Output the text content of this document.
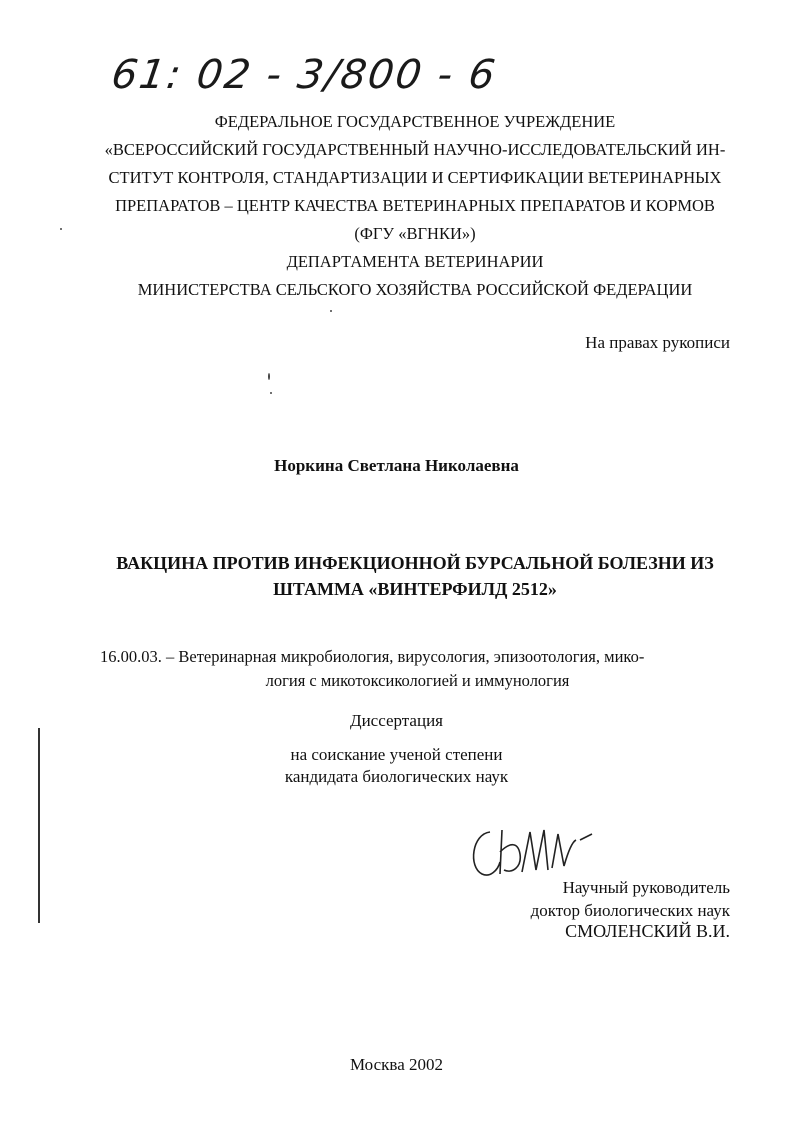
61: 02 - 3/800 - 6
ФЕДЕРАЛЬНОЕ ГОСУДАРСТВЕННОЕ УЧРЕЖДЕНИЕ
«ВСЕРОССИЙСКИЙ ГОСУДАРСТВЕННЫЙ НАУЧНО-ИССЛЕДОВАТЕЛЬСКИЙ ИН-
СТИТУТ КОНТРОЛЯ, СТАНДАРТИЗАЦИИ И СЕРТИФИКАЦИИ ВЕТЕРИНАРНЫХ
ПРЕПАРАТОВ – ЦЕНТР КАЧЕСТВА ВЕТЕРИНАРНЫХ ПРЕПАРАТОВ И КОРМОВ
(ФГУ «ВГНКИ»)
ДЕПАРТАМЕНТА ВЕТЕРИНАРИИ
МИНИСТЕРСТВА СЕЛЬСКОГО ХОЗЯЙСТВА РОССИЙСКОЙ ФЕДЕРАЦИИ
На правах рукописи
Норкина Светлана Николаевна
ВАКЦИНА ПРОТИВ ИНФЕКЦИОННОЙ БУРСАЛЬНОЙ БОЛЕЗНИ ИЗ
ШТАММА «ВИНТЕРФИЛД 2512»
16.00.03. – Ветеринарная микробиология, вирусология, эпизоотология, мико-
логия с микотоксикологией и иммунология
Диссертация
на соискание ученой степени
кандидата биологических наук
Научный руководитель
доктор биологических наук
СМОЛЕНСКИЙ В.И.
Москва 2002
